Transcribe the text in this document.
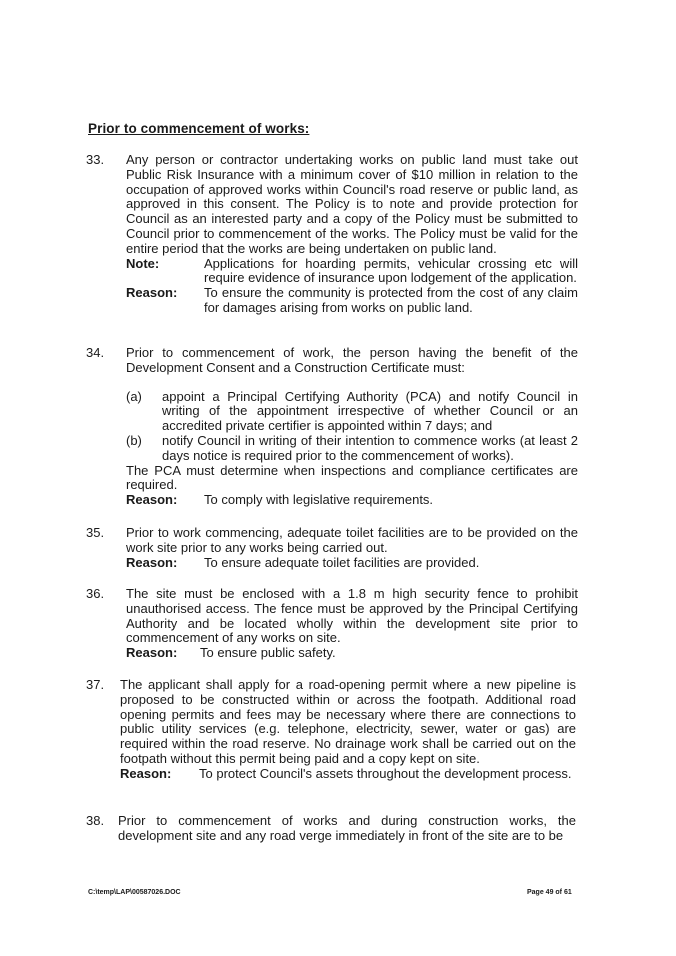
Prior to commencement of works:
33. Any person or contractor undertaking works on public land must take out Public Risk Insurance with a minimum cover of $10 million in relation to the occupation of approved works within Council's road reserve or public land, as approved in this consent. The Policy is to note and provide protection for Council as an interested party and a copy of the Policy must be submitted to Council prior to commencement of the works. The Policy must be valid for the entire period that the works are being undertaken on public land.

Note:	Applications for hoarding permits, vehicular crossing etc will require evidence of insurance upon lodgement of the application.
Reason:	To ensure the community is protected from the cost of any claim for damages arising from works on public land.
34. Prior to commencement of work, the person having the benefit of the Development Consent and a Construction Certificate must:

(a)	appoint a Principal Certifying Authority (PCA) and notify Council in writing of the appointment irrespective of whether Council or an accredited private certifier is appointed within 7 days; and
(b)	notify Council in writing of their intention to commence works (at least 2 days notice is required prior to the commencement of works).

The PCA must determine when inspections and compliance certificates are required.

Reason:	To comply with legislative requirements.
35. Prior to work commencing, adequate toilet facilities are to be provided on the work site prior to any works being carried out.

Reason:	To ensure adequate toilet facilities are provided.
36. The site must be enclosed with a 1.8 m high security fence to prohibit unauthorised access. The fence must be approved by the Principal Certifying Authority and be located wholly within the development site prior to commencement of any works on site.

Reason:	To ensure public safety.
37. The applicant shall apply for a road-opening permit where a new pipeline is proposed to be constructed within or across the footpath. Additional road opening permits and fees may be necessary where there are connections to public utility services (e.g. telephone, electricity, sewer, water or gas) are required within the road reserve. No drainage work shall be carried out on the footpath without this permit being paid and a copy kept on site.

Reason:	To protect Council's assets throughout the development process.
38. Prior to commencement of works and during construction works, the development site and any road verge immediately in front of the site are to be

C:\temp\LAP\00587026.DOC	Page 49 of 61
